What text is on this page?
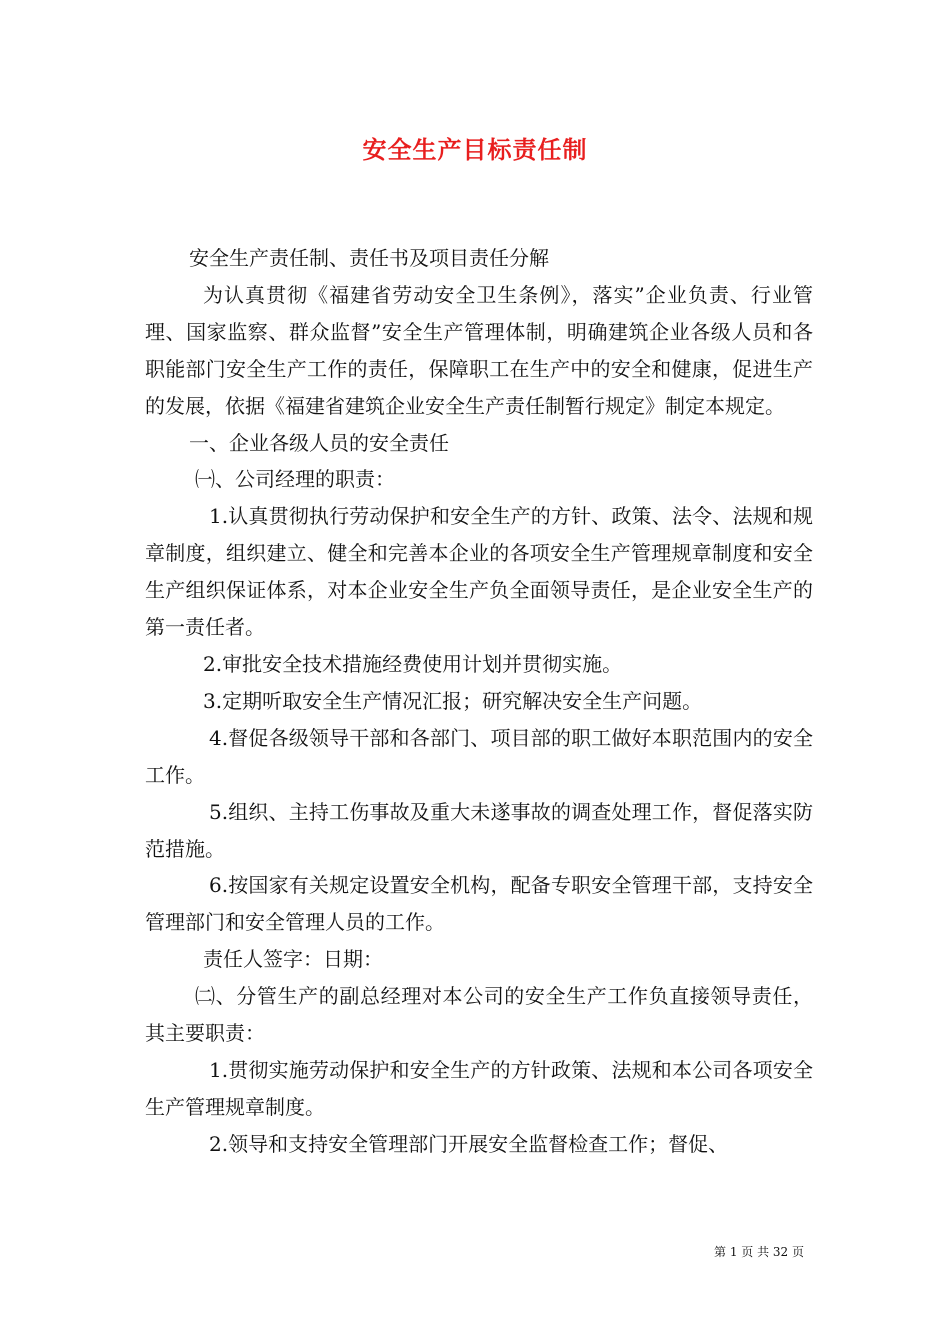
安全生产目标责任制

安全生产责任制、责任书及项目责任分解

为认真贯彻《福建省劳动安全卫生条例》，落实”企业负责、行业管理、国家监察、群众监督”安全生产管理体制，明确建筑企业各级人员和各职能部门安全生产工作的责任，保障职工在生产中的安全和健康，促进生产的发展，依据《福建省建筑企业安全生产责任制暂行规定》制定本规定。

一、企业各级人员的安全责任

㈠、公司经理的职责：

1.认真贯彻执行劳动保护和安全生产的方针、政策、法令、法规和规章制度，组织建立、健全和完善本企业的各项安全生产管理规章制度和安全生产组织保证体系，对本企业安全生产负全面领导责任，是企业安全生产的第一责任者。

2.审批安全技术措施经费使用计划并贯彻实施。

3.定期听取安全生产情况汇报；研究解决安全生产问题。

4.督促各级领导干部和各部门、项目部的职工做好本职范围内的安全工作。

5.组织、主持工伤事故及重大未遂事故的调查处理工作，督促落实防范措施。

6.按国家有关规定设置安全机构，配备专职安全管理干部，支持安全管理部门和安全管理人员的工作。

责任人签字：日期：

㈡、分管生产的副总经理对本公司的安全生产工作负直接领导责任，其主要职责：

1.贯彻实施劳动保护和安全生产的方针政策、法规和本公司各项安全生产管理规章制度。

2.领导和支持安全管理部门开展安全监督检查工作；督促、

第 1 页 共 32 页
